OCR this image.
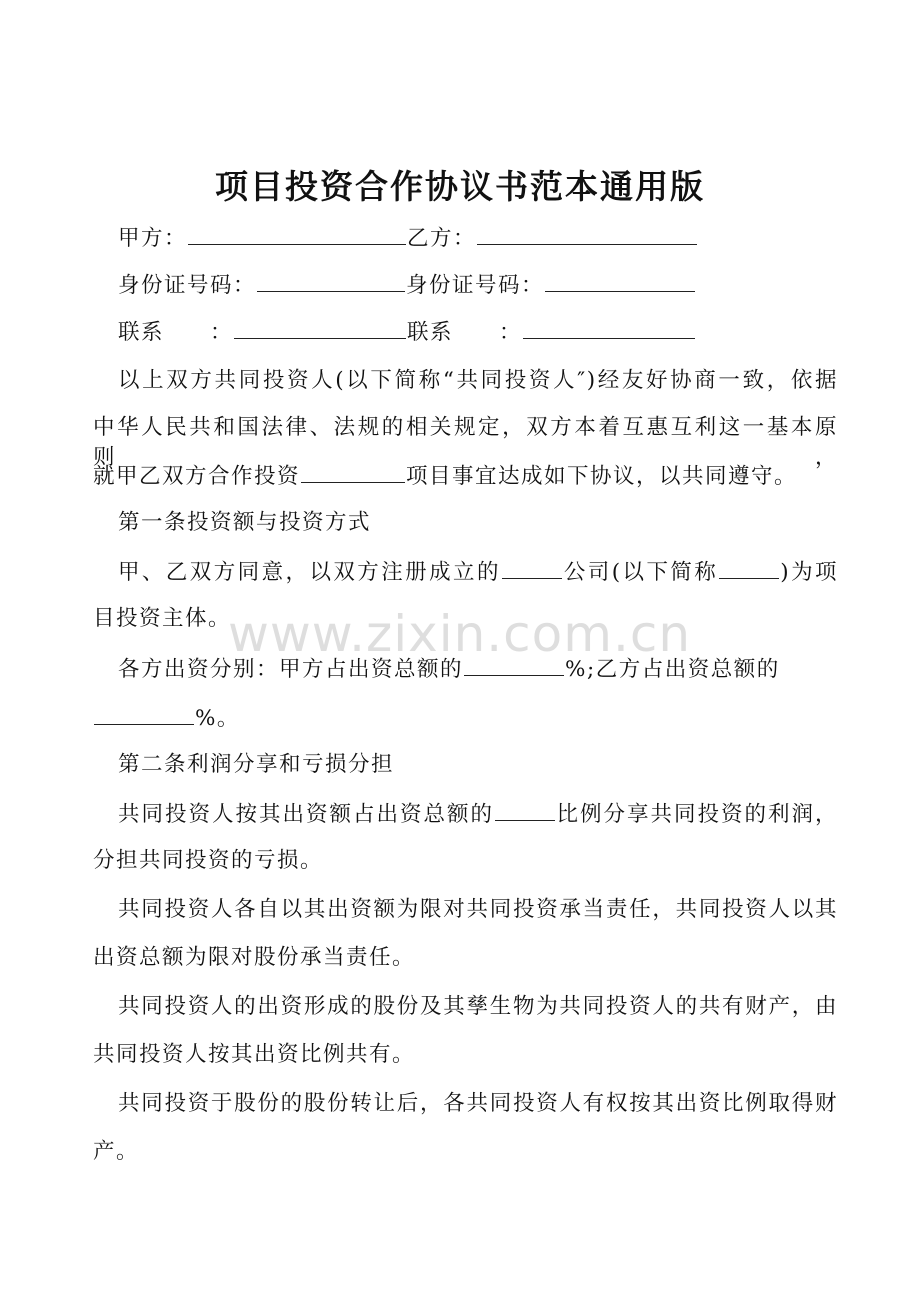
项目投资合作协议书范本通用版
甲方：	乙方：
身份证号码：	身份证号码：
联系　　：	联系　　：
以上双方共同投资人(以下简称“共同投资人″)经友好协商一致，依据
中华人民共和国法律、法规的相关规定，双方本着互惠互利这一基本原则，
就甲乙双方合作投资	项目事宜达成如下协议，以共同遵守。
第一条投资额与投资方式
甲、乙双方同意，以双方注册成立的	公司(以下简称	)为项
目投资主体。
各方出资分别：甲方占出资总额的	%;乙方占出资总额的
%。
第二条利润分享和亏损分担
共同投资人按其出资额占出资总额的	比例分享共同投资的利润，
分担共同投资的亏损。
共同投资人各自以其出资额为限对共同投资承当责任，共同投资人以其
出资总额为限对股份承当责任。
共同投资人的出资形成的股份及其孳生物为共同投资人的共有财产，由
共同投资人按其出资比例共有。
共同投资于股份的股份转让后，各共同投资人有权按其出资比例取得财
产。
www.zixin.com.cn
